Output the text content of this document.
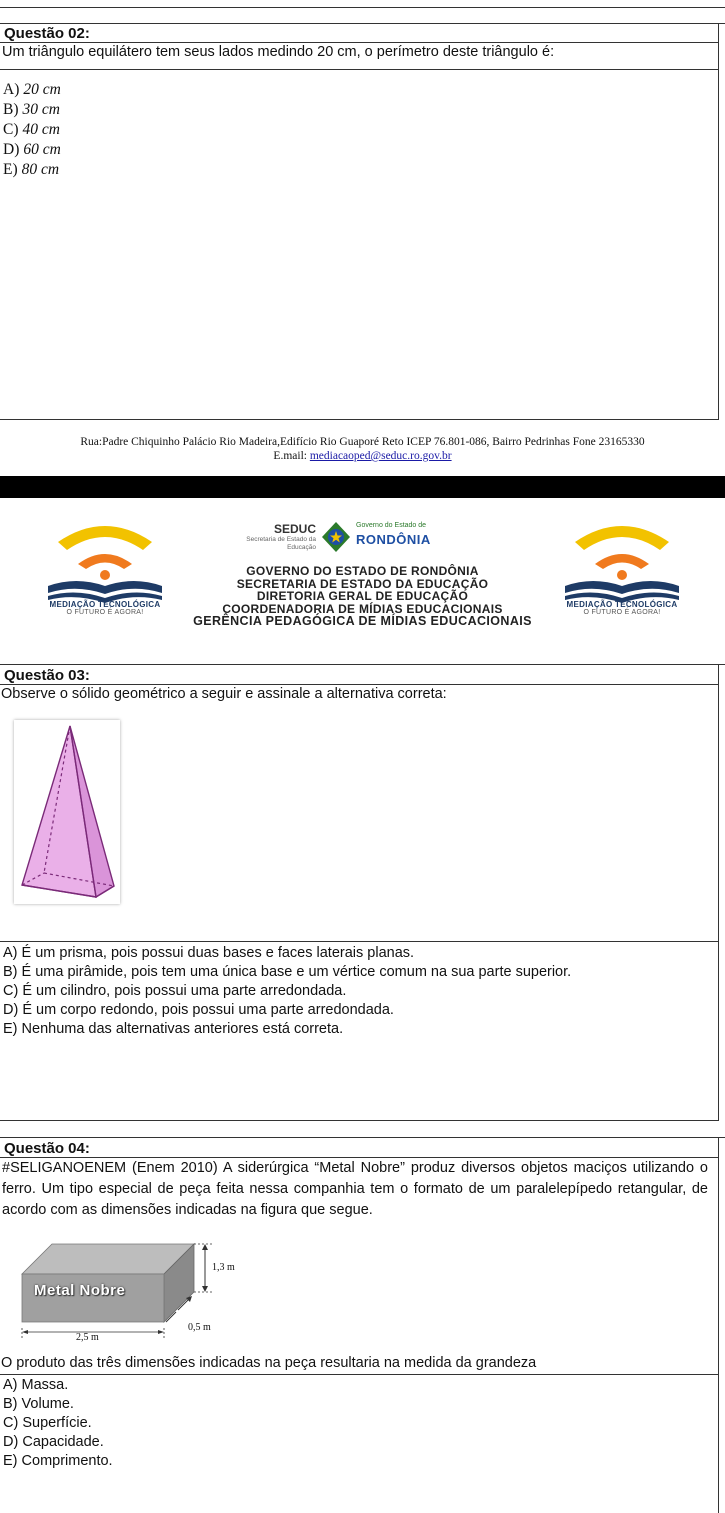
Questão 02:
Um triângulo equilátero tem seus lados medindo 20 cm, o perímetro deste triângulo é:
A) 20 cm
B) 30 cm
C) 40 cm
D) 60 cm
E) 80 cm
Rua:Padre Chiquinho Palácio Rio Madeira,Edifício Rio Guaporé Reto ICEP 76.801-086, Bairro Pedrinhas Fone 23165330
E.mail: mediacaoped@seduc.ro.gov.br
MEDIAÇÃO TECNOLÓGICA
O FUTURO É AGORA!
MEDIAÇÃO TECNOLÓGICA
O FUTURO É AGORA!
SEDUC
Secretaria de Estado da
Educação
Governo do Estado de
RONDÔNIA
GOVERNO DO ESTADO DE RONDÔNIA
SECRETARIA DE ESTADO DA EDUCAÇÃO
DIRETORIA GERAL DE EDUCAÇÃO
COORDENADORIA DE MÍDIAS EDUCACIONAIS
GERÊNCIA PEDAGÓGICA DE MÍDIAS EDUCACIONAIS
Questão 03:
Observe o sólido geométrico a seguir e assinale a alternativa correta:
A) É um prisma, pois possui duas bases e faces laterais planas.
B) É uma pirâmide, pois tem uma única base e um vértice comum na sua parte superior.
C) É um cilindro, pois possui uma parte arredondada.
D) É um corpo redondo, pois possui uma parte arredondada.
E) Nenhuma das alternativas anteriores está correta.
Questão 04:
#SELIGANOENEM (Enem 2010) A siderúrgica “Metal Nobre” produz diversos objetos maciços utilizando o ferro. Um tipo especial de peça feita nessa companhia tem o formato de um paralelepípedo retangular, de acordo com as dimensões indicadas na figura que segue.
Metal Nobre
1,3 m
0,5 m
2,5 m
O produto das três dimensões indicadas na peça resultaria na medida da grandeza
A) Massa.
B) Volume.
C) Superfície.
D) Capacidade.
E) Comprimento.
